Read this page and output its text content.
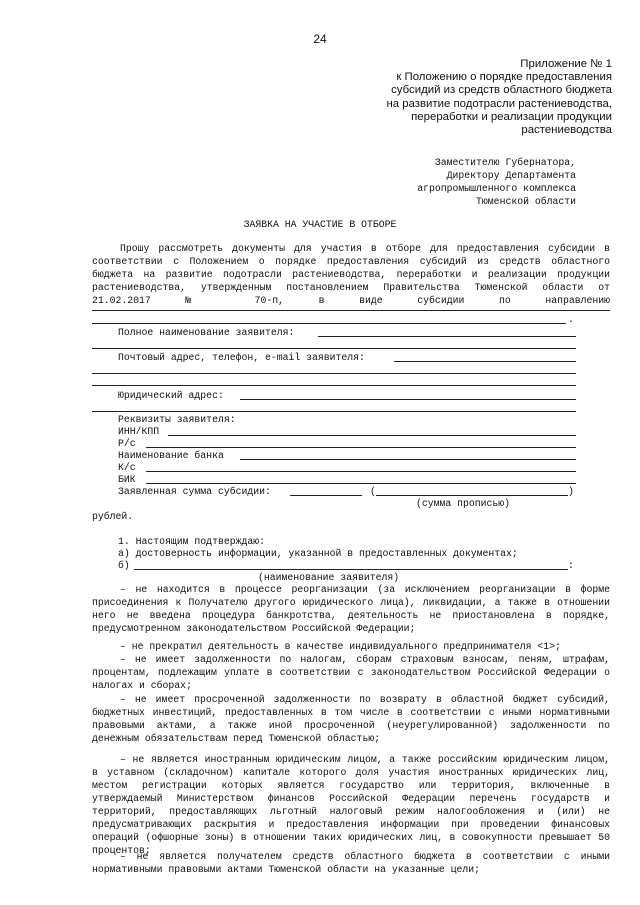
24
Приложение № 1
к Положению о порядке предоставления
субсидий из средств областного бюджета
на развитие подотрасли растениеводства,
переработки и реализации продукции
растениеводства
Заместителю Губернатора,
Директору Департамента
агропромышленного комплекса
Тюменской области
ЗАЯВКА НА УЧАСТИЕ В ОТБОРЕ

Прошу рассмотреть документы для участия в отборе для предоставления субсидии в соответствии с Положением о порядке предоставления субсидий из средств областного бюджета на развитие подотрасли растениеводства, переработки и реализации продукции растениеводства, утвержденным постановлением Правительства Тюменской области от 21.02.2017 № 70-п, в виде субсидии по направлению

.
Полное наименование заявителя:
Почтовый адрес, телефон, e-mail заявителя:
Юридический адрес:
Реквизиты заявителя:
ИНН/КПП
Р/с
Наименование банка
К/с
БИК
Заявленная сумма субсидии:	(	)
(сумма прописью)
рублей.
1. Настоящим подтверждаю:
а) достоверность информации, указанной в предоставленных документах;
б)	:
(наименование заявителя)

– не находится в процессе реорганизации (за исключением реорганизации в форме присоединения к Получателю другого юридического лица), ликвидации, а также в отношении него не введена процедура банкротства, деятельность не приостановлена в порядке, предусмотренном законодательством Российской Федерации;

– не прекратил деятельность в качестве индивидуального предпринимателя <1>;

– не имеет задолженности по налогам, сборам страховым взносам, пеням, штрафам, процентам, подлежащим уплате в соответствии с законодательством Российской Федерации о налогах и сборах;

– не имеет просроченной задолженности по возврату в областной бюджет субсидий, бюджетных инвестиций, предоставленных в том числе в соответствии с иными нормативными правовыми актами, а также иной просроченной (неурегулированной) задолженности по денежным обязательствам перед Тюменской областью;

– не является иностранным юридическим лицом, а также российским юридическим лицом, в уставном (складочном) капитале которого доля участия иностранных юридических лиц, местом регистрации которых является государство или территория, включенные в утверждаемый Министерством финансов Российской Федерации перечень государств и территорий, предоставляющих льготный налоговый режим налогообложения и (или) не предусматривающих раскрытия и предоставления информации при проведении финансовых операций (офшорные зоны) в отношении таких юридических лиц, в совокупности превышает 50 процентов;

– не является получателем средств областного бюджета в соответствии с иными нормативными правовыми актами Тюменской области на указанные цели;
